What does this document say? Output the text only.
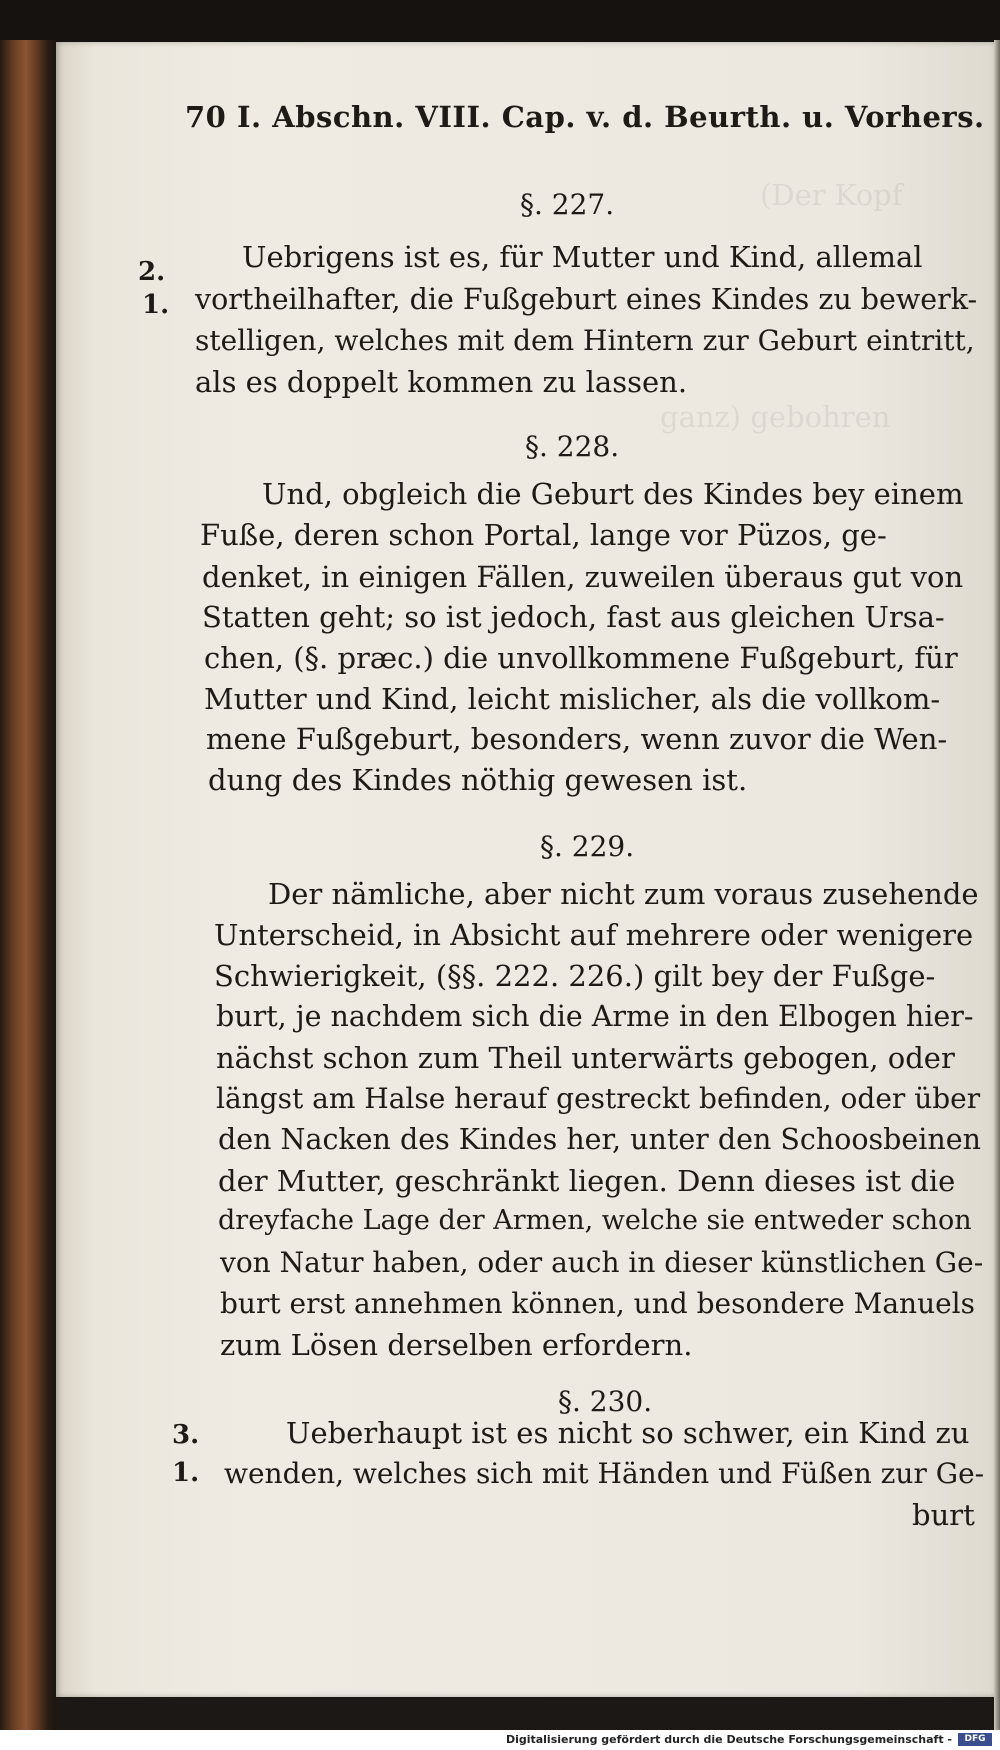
(Der Kopf
ganz) gebohren
70 I. Abschn. VIII. Cap. v. d. Beurth. u. Vorhers.
§. 227.
2.
1.
Uebrigens ist es, für Mutter und Kind, allemal
vortheilhafter, die Fußgeburt eines Kindes zu bewerk-
stelligen, welches mit dem Hintern zur Geburt eintritt,
als es doppelt kommen zu lassen.
§. 228.
Und, obgleich die Geburt des Kindes bey einem
Fuße, deren schon Portal, lange vor Püzos, ge-
denket, in einigen Fällen, zuweilen überaus gut von
Statten geht; so ist jedoch, fast aus gleichen Ursa-
chen, (§. præc.) die unvollkommene Fußgeburt, für
Mutter und Kind, leicht mislicher, als die vollkom-
mene Fußgeburt, besonders, wenn zuvor die Wen-
dung des Kindes nöthig gewesen ist.
§. 229.
Der nämliche, aber nicht zum voraus zusehende
Unterscheid, in Absicht auf mehrere oder wenigere
Schwierigkeit, (§§. 222. 226.) gilt bey der Fußge-
burt, je nachdem sich die Arme in den Elbogen hier-
nächst schon zum Theil unterwärts gebogen, oder
längst am Halse herauf gestreckt befinden, oder über
den Nacken des Kindes her, unter den Schoosbeinen
der Mutter, geschränkt liegen. Denn dieses ist die
dreyfache Lage der Armen, welche sie entweder schon
von Natur haben, oder auch in dieser künstlichen Ge-
burt erst annehmen können, und besondere Manuels
zum Lösen derselben erfordern.
§. 230.
3.
1.
Ueberhaupt ist es nicht so schwer, ein Kind zu
wenden, welches sich mit Händen und Füßen zur Ge-
burt
Digitalisierung gefördert durch die Deutsche Forschungsgemeinschaft -	DFG
